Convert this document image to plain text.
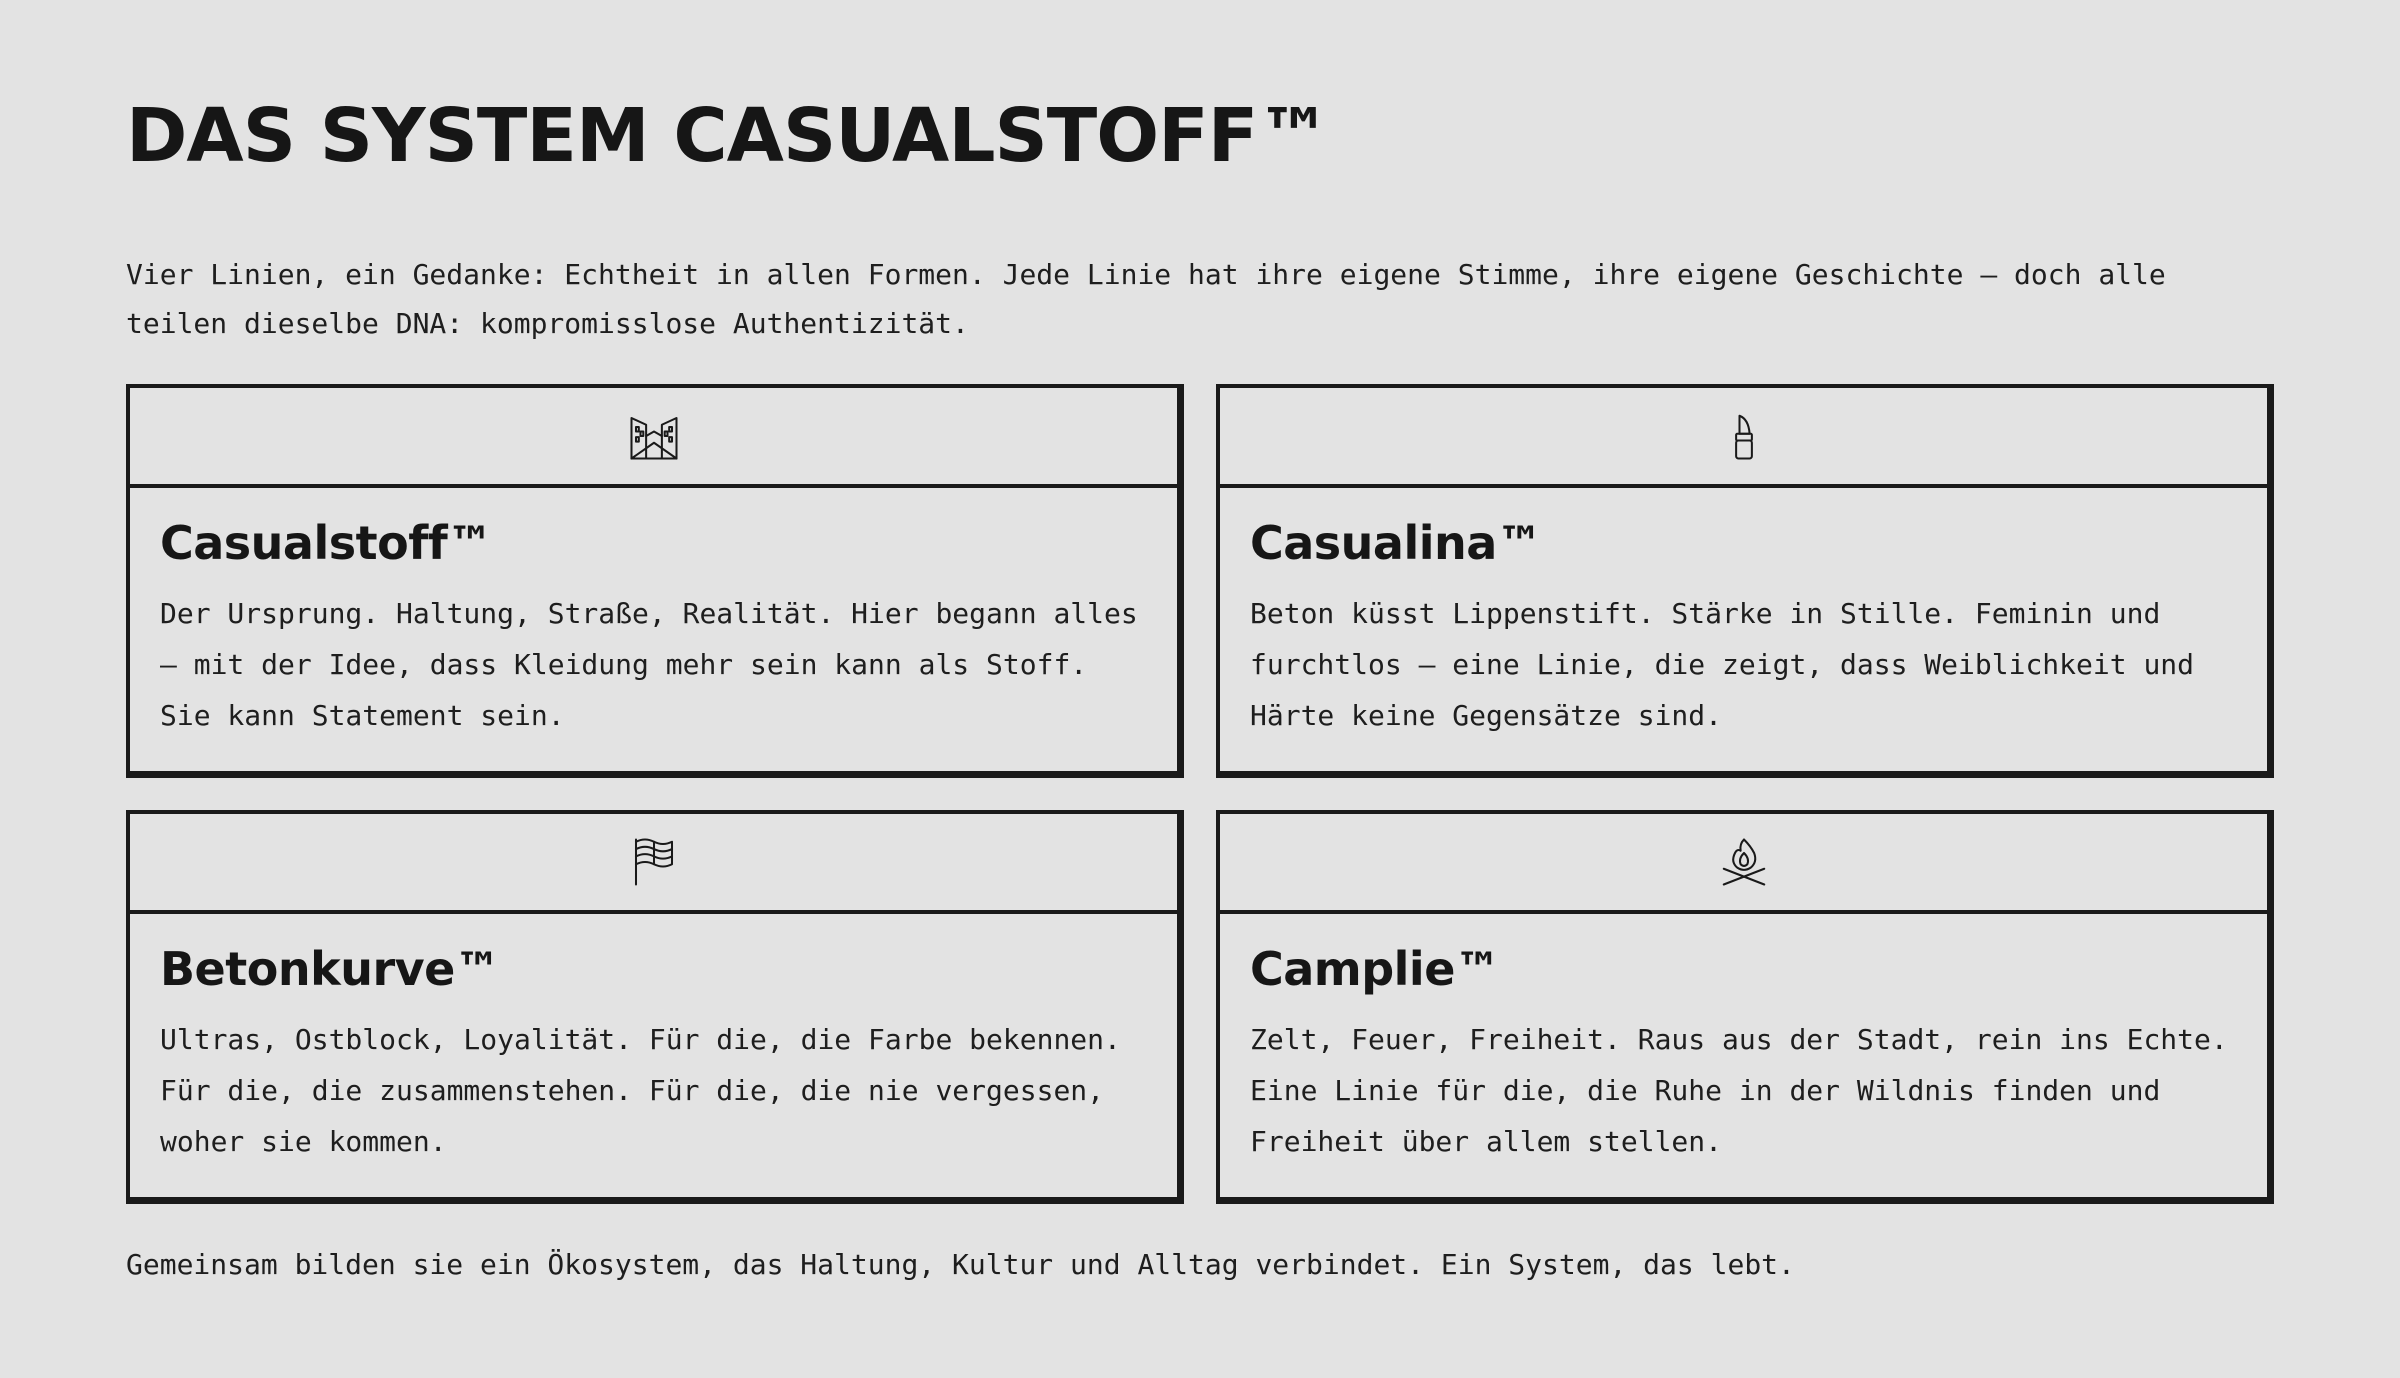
DAS SYSTEM CASUALSTOFF™

Vier Linien, ein Gedanke: Echtheit in allen Formen. Jede Linie hat ihre eigene Stimme, ihre eigene Geschichte – doch alle teilen dieselbe DNA: kompromisslose Authentizität.

Casualstoff™

Der Ursprung. Haltung, Straße, Realität. Hier begann alles – mit der Idee, dass Kleidung mehr sein kann als Stoff. Sie kann Statement sein.

Casualina™

Beton küsst Lippenstift. Stärke in Stille. Feminin und furchtlos – eine Linie, die zeigt, dass Weiblichkeit und Härte keine Gegensätze sind.

Betonkurve™

Ultras, Ostblock, Loyalität. Für die, die Farbe bekennen. Für die, die zusammenstehen. Für die, die nie vergessen, woher sie kommen.

Camplie™

Zelt, Feuer, Freiheit. Raus aus der Stadt, rein ins Echte. Eine Linie für die, die Ruhe in der Wildnis finden und Freiheit über allem stellen.

Gemeinsam bilden sie ein Ökosystem, das Haltung, Kultur und Alltag verbindet. Ein System, das lebt.
